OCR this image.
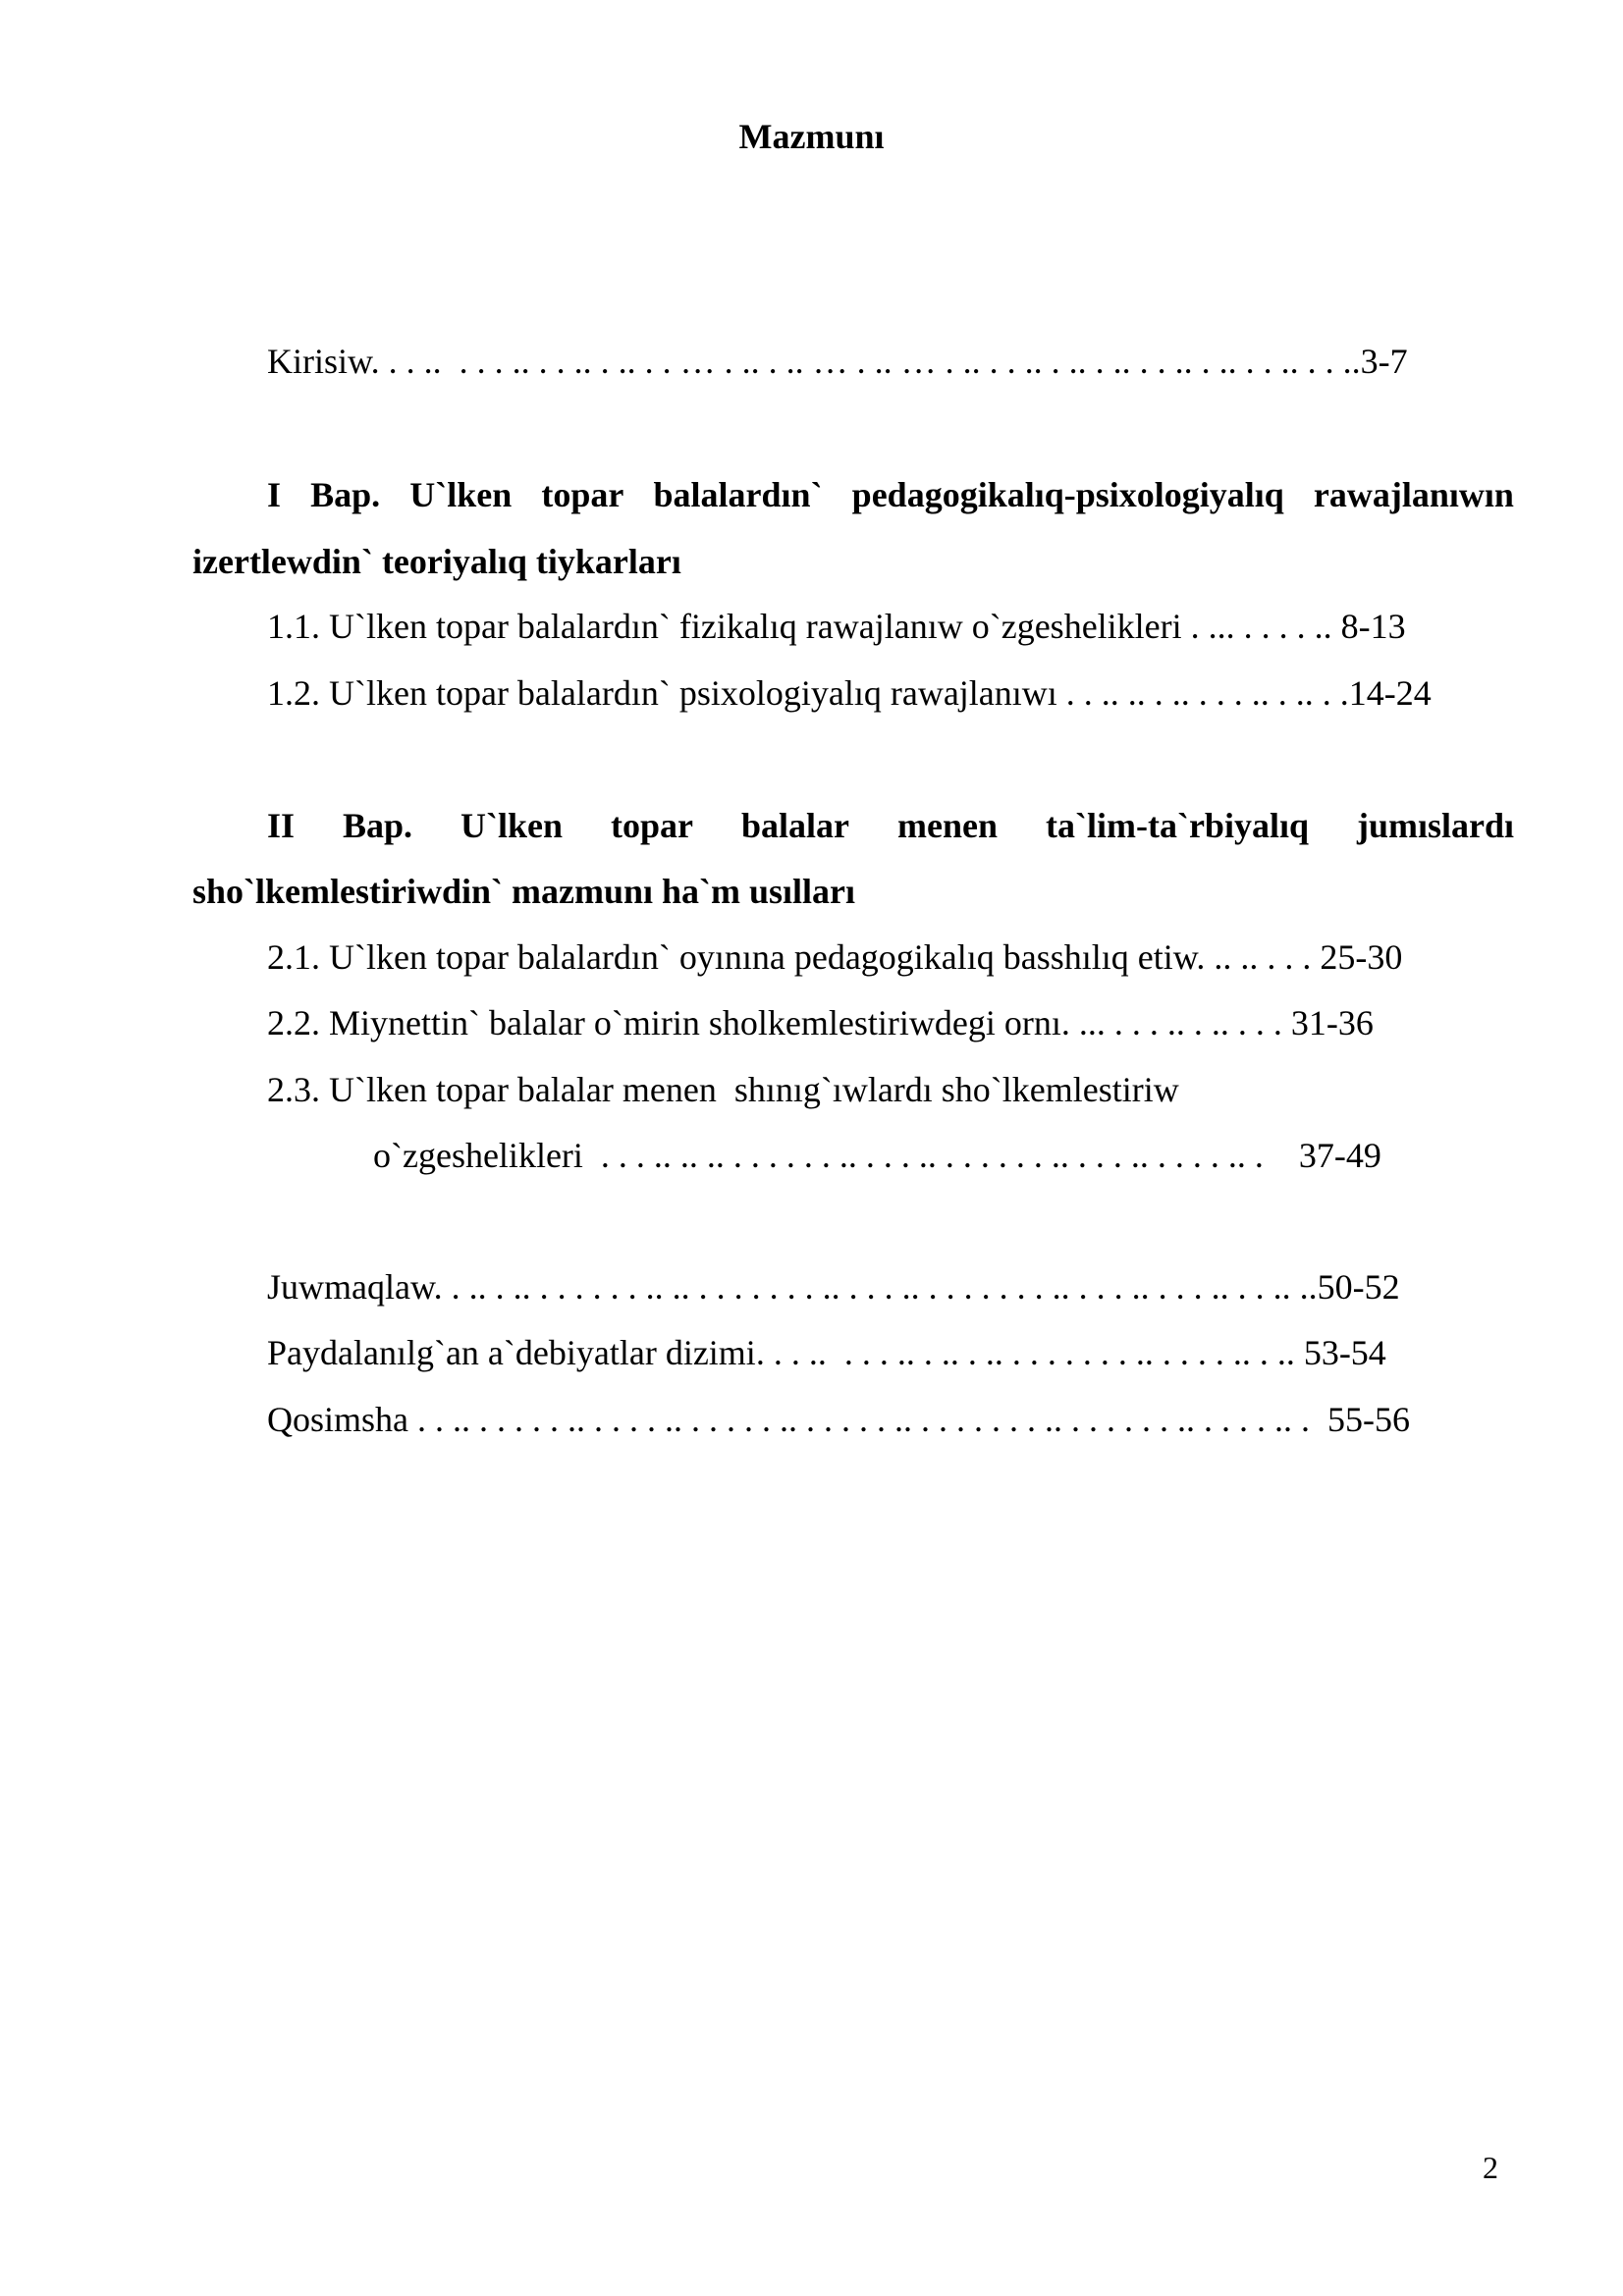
Mazmunı
Kirisiw. . . ..  . . . .. . . .. . .. . . … . .. . .. … . .. … . .. . . .. . .. . .. . . .. . .. . . .. . . ..3-7
I Bap. U`lken topar balalardın` pedagogikalıq-psixologiyalıq rawajlanıwın
izertlewdin` teoriyalıq tiykarları
1.1. U`lken topar balalardın` fizikalıq rawajlanıw o`zgeshelikleri . ... . . . . .. 8-13
1.2. U`lken topar balalardın` psixologiyalıq rawajlanıwı . . .. .. . .. . . . .. . .. . .14-24
II Bap. U`lken topar balalar menen ta`lim-ta`rbiyalıq jumıslardı
sho`lkemlestiriwdin` mazmunı ha`m usılları
2.1. U`lken topar balalardın` oyınına pedagogikalıq basshılıq etiw. .. .. . . . 25-30
2.2. Miynettin` balalar o`mirin sholkemlestiriwdegi ornı. ... . . . .. . .. . . . 31-36
2.3. U`lken topar balalar menen  shınıg`ıwlardı sho`lkemlestiriw
o`zgeshelikleri  . . . .. .. .. . . . . . . .. . . . .. . . . . . . .. . . . .. . . . . .. .    37-49
Juwmaqlaw. . .. . .. . . . . . . .. .. . . . . . . . .. . . . .. . . . . . . . .. . . . .. . . . .. . . .. ..50-52
Paydalanılg`an a`debiyatlar dizimi. . . ..  . . . .. . .. . .. . . . . . . . .. . . . . .. . .. 53-54
Qosimsha . . .. . . . . . .. . . . . .. . . . . . .. . . . . . .. . . . . . . . .. . . . . . . .. . . . . .. .  55-56
2
